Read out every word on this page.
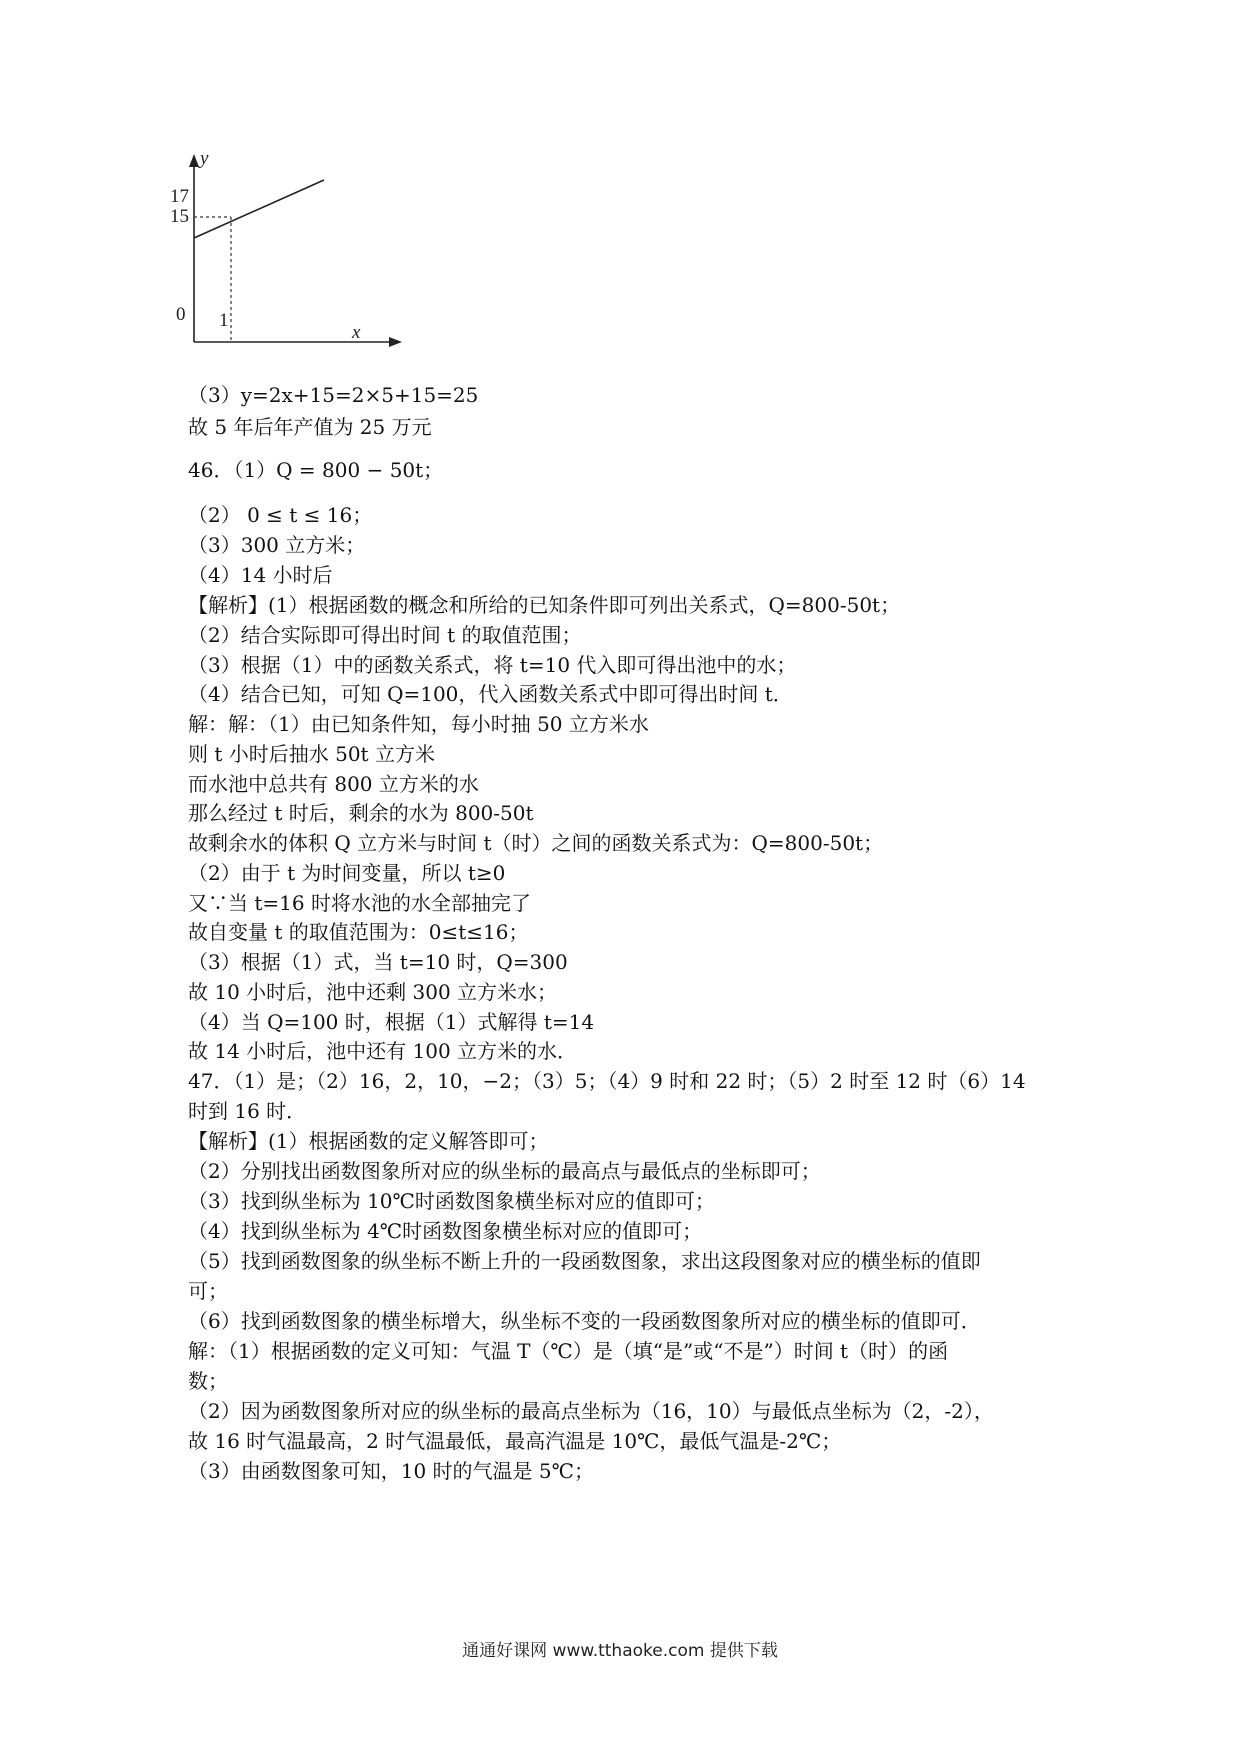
y
x
0
17
15
1
（3）y=2x+15=2×5+15=25
故 5 年后年产值为 25 万元
46．（1）Q = 800 − 50t；
（2） 0 ≤ t ≤ 16；
（3）300 立方米；
（4）14 小时后
【解析】(1）根据函数的概念和所给的已知条件即可列出关系式，Q=800-50t；
（2）结合实际即可得出时间 t 的取值范围；
（3）根据（1）中的函数关系式，将 t=10 代入即可得出池中的水；
（4）结合已知，可知 Q=100，代入函数关系式中即可得出时间 t．
解：解：（1）由已知条件知，每小时抽 50 立方米水
则 t 小时后抽水 50t 立方米
而水池中总共有 800 立方米的水
那么经过 t 时后，剩余的水为 800-50t
故剩余水的体积 Q 立方米与时间 t（时）之间的函数关系式为：Q=800-50t；
（2）由于 t 为时间变量，所以 t≥0
又∵当 t=16 时将水池的水全部抽完了
故自变量 t 的取值范围为：0≤t≤16；
（3）根据（1）式，当 t=10 时，Q=300
故 10 小时后，池中还剩 300 立方米水；
（4）当 Q=100 时，根据（1）式解得 t=14
故 14 小时后，池中还有 100 立方米的水．
47．（1）是；（2）16，2，10，−2；（3）5；（4）9 时和 22 时；（5）2 时至 12 时（6）14
时到 16 时．
【解析】(1）根据函数的定义解答即可；
（2）分别找出函数图象所对应的纵坐标的最高点与最低点的坐标即可；
（3）找到纵坐标为 10℃时函数图象横坐标对应的值即可；
（4）找到纵坐标为 4℃时函数图象横坐标对应的值即可；
（5）找到函数图象的纵坐标不断上升的一段函数图象，求出这段图象对应的横坐标的值即
可；
（6）找到函数图象的横坐标增大，纵坐标不变的一段函数图象所对应的横坐标的值即可．
解：（1）根据函数的定义可知：气温 T（℃）是（填“是”或“不是”）时间 t（时）的函
数；
（2）因为函数图象所对应的纵坐标的最高点坐标为（16，10）与最低点坐标为（2，-2），
故 16 时气温最高，2 时气温最低，最高汽温是 10℃，最低气温是-2℃；
（3）由函数图象可知，10 时的气温是 5℃；
通通好课网 www.tthaoke.com 提供下载
